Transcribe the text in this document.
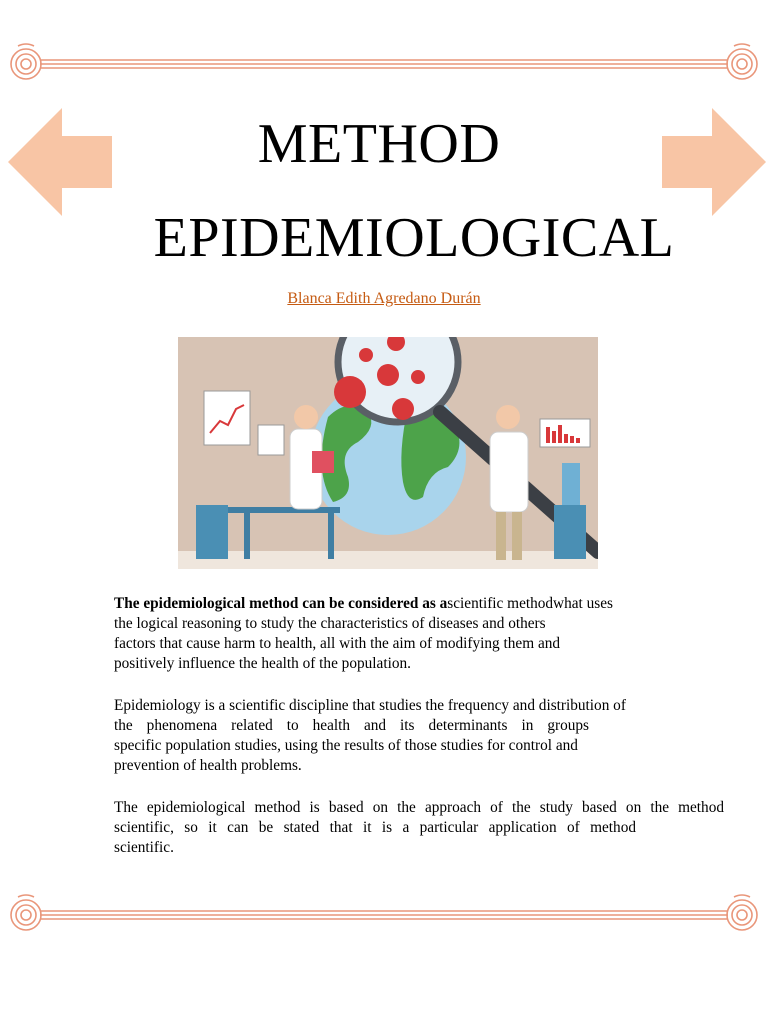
METHOD
EPIDEMIOLOGICAL
Blanca Edith Agredano Durán

The epidemiological method can be considered as ascientific methodwhat uses
the logical reasoning to study the characteristics of diseases and others
factors that cause harm to health, all with the aim of modifying them and
positively influence the health of the population.

Epidemiology is a scientific discipline that studies the frequency and distribution of
the phenomena related to health and its determinants in groups
specific population studies, using the results of those studies for control and
prevention of health problems.

The epidemiological method is based on the approach of the study based on the method
scientific, so it can be stated that it is a particular application of method
scientific.
